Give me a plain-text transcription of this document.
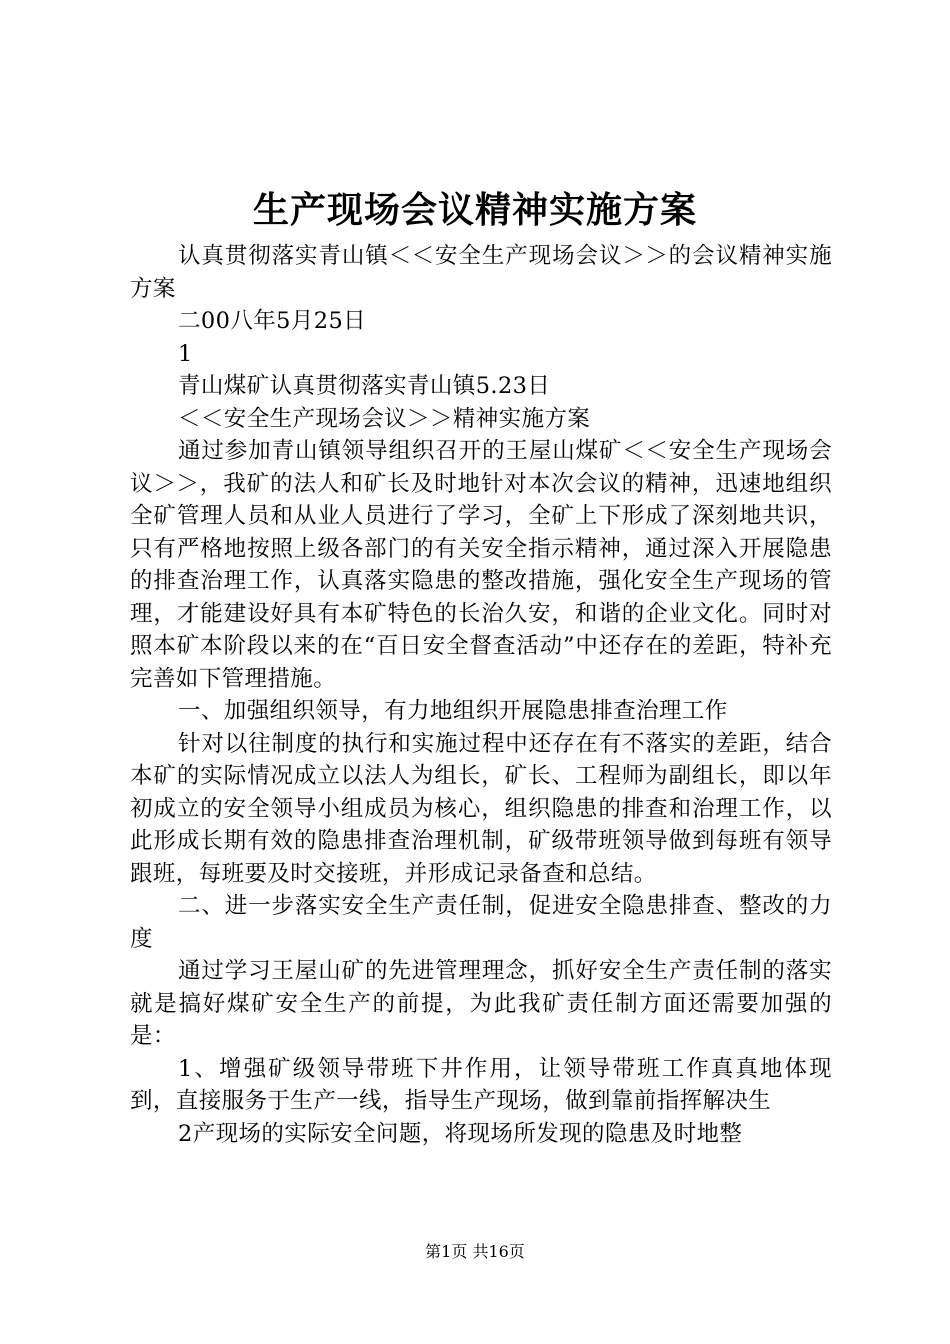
生产现场会议精神实施方案

认真贯彻落实青山镇＜＜安全生产现场会议＞＞的会议精神实施方案

二00八年5月25日

1

青山煤矿认真贯彻落实青山镇5.23日

＜＜安全生产现场会议＞＞精神实施方案

通过参加青山镇领导组织召开的王屋山煤矿＜＜安全生产现场会议＞＞，我矿的法人和矿长及时地针对本次会议的精神，迅速地组织全矿管理人员和从业人员进行了学习，全矿上下形成了深刻地共识，只有严格地按照上级各部门的有关安全指示精神，通过深入开展隐患的排查治理工作，认真落实隐患的整改措施，强化安全生产现场的管理，才能建设好具有本矿特色的长治久安，和谐的企业文化。同时对照本矿本阶段以来的在“百日安全督查活动”中还存在的差距，特补充完善如下管理措施。

一、加强组织领导，有力地组织开展隐患排查治理工作

针对以往制度的执行和实施过程中还存在有不落实的差距，结合本矿的实际情况成立以法人为组长，矿长、工程师为副组长，即以年初成立的安全领导小组成员为核心，组织隐患的排查和治理工作，以此形成长期有效的隐患排查治理机制，矿级带班领导做到每班有领导跟班，每班要及时交接班，并形成记录备查和总结。

二、进一步落实安全生产责任制，促进安全隐患排查、整改的力度

通过学习王屋山矿的先进管理理念，抓好安全生产责任制的落实就是搞好煤矿安全生产的前提，为此我矿责任制方面还需要加强的是：

1、增强矿级领导带班下井作用，让领导带班工作真真地体现到，直接服务于生产一线，指导生产现场，做到靠前指挥解决生

2产现场的实际安全问题，将现场所发现的隐患及时地整

第1页 共16页
